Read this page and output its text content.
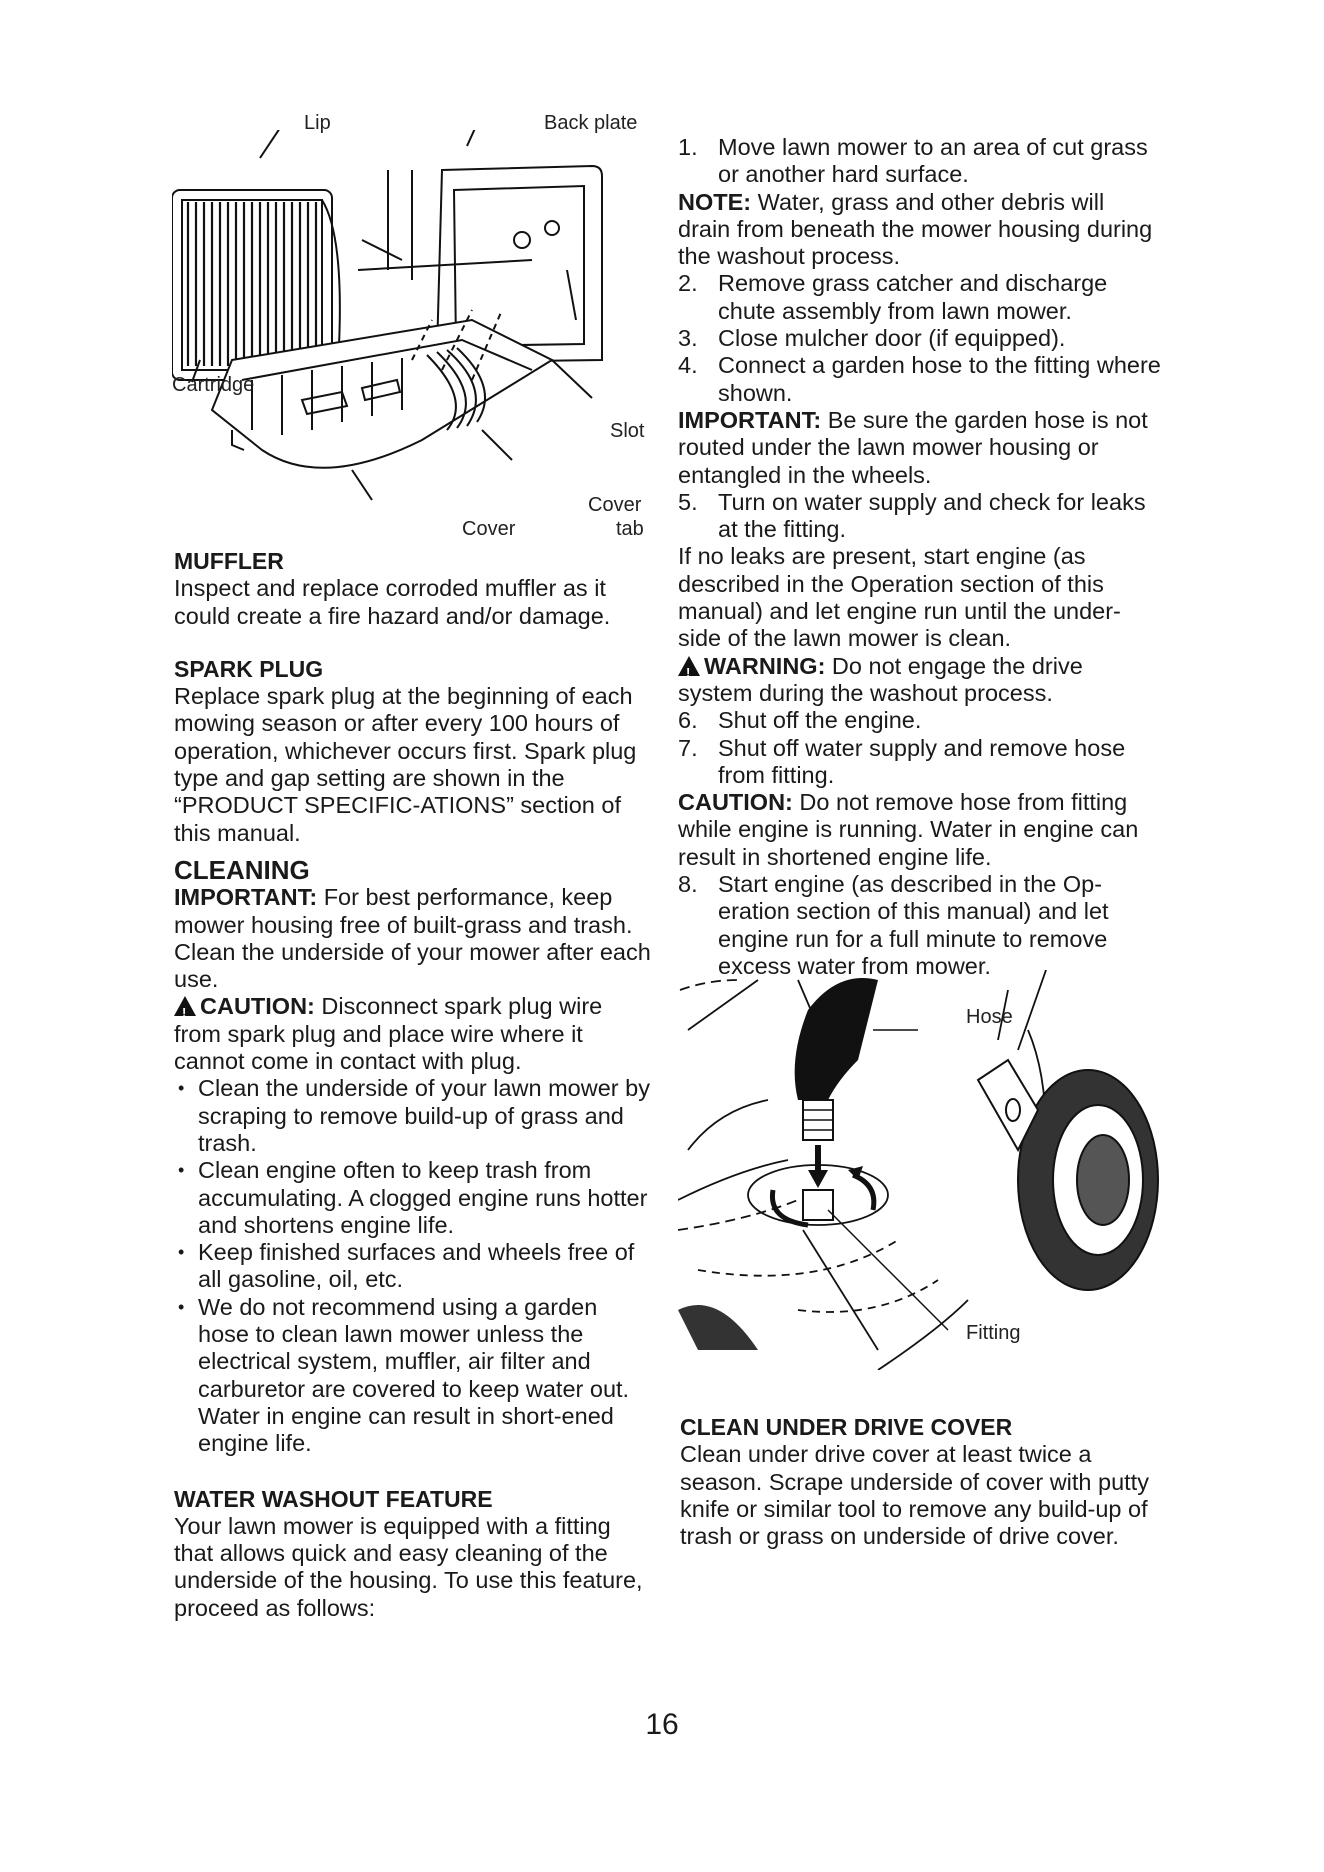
Lip	Back plate
Cartridge
Slot
Cover
Cover
tab
MUFFLER

Inspect and replace corroded muffler as it could create a fire hazard and/or damage.

SPARK PLUG

Replace spark plug at the beginning of each mowing season or after every 100 hours of operation, whichever occurs first. Spark plug type and gap setting are shown in the “PRODUCT SPECIFIC-ATIONS” section of this manual.

CLEANING

IMPORTANT: For best performance, keep mower housing free of built-grass and trash. Clean the underside of your mower after each use.

!CAUTION: Disconnect spark plug wire from spark plug and place wire where it cannot come in contact with plug.

• Clean the underside of your lawn mower by scraping to remove build-up of grass and trash.
• Clean engine often to keep trash from accumulating. A clogged engine runs hotter and shortens engine life.
• Keep finished surfaces and wheels free of all gasoline, oil, etc.
• We do not recommend using a garden hose to clean lawn mower unless the electrical system, muffler, air filter and carburetor are covered to keep water out. Water in engine can result in short-ened engine life.
WATER WASHOUT FEATURE

Your lawn mower is equipped with a fitting that allows quick and easy cleaning of the underside of the housing. To use this feature, proceed as follows:

1. Move lawn mower to an area of cut grass or another hard surface.

NOTE: Water, grass and other debris will drain from beneath the mower housing during the washout process.

2. Remove grass catcher and discharge chute assembly from lawn mower.
3. Close mulcher door (if equipped).
4. Connect a garden hose to the fitting where shown.

IMPORTANT: Be sure the garden hose is not routed under the lawn mower housing or entangled in the wheels.

5. Turn on water supply and check for leaks at the fitting.

If no leaks are present, start engine (as described in the Operation section of this manual) and let engine run until the under-side of the lawn mower is clean.

!WARNING: Do not engage the drive system during the washout process.

6. Shut off the engine.
7. Shut off water supply and remove hose from fitting.

CAUTION: Do not remove hose from fitting while engine is running. Water in engine can result in shortened engine life.

8. Start engine (as described in the Op-eration section of this manual) and let engine run for a full minute to remove excess water from mower.
Hose
Fitting
CLEAN UNDER DRIVE COVER

Clean under drive cover at least twice a season. Scrape underside of cover with putty knife or similar tool to remove any build-up of trash or grass on underside of drive cover.

16
